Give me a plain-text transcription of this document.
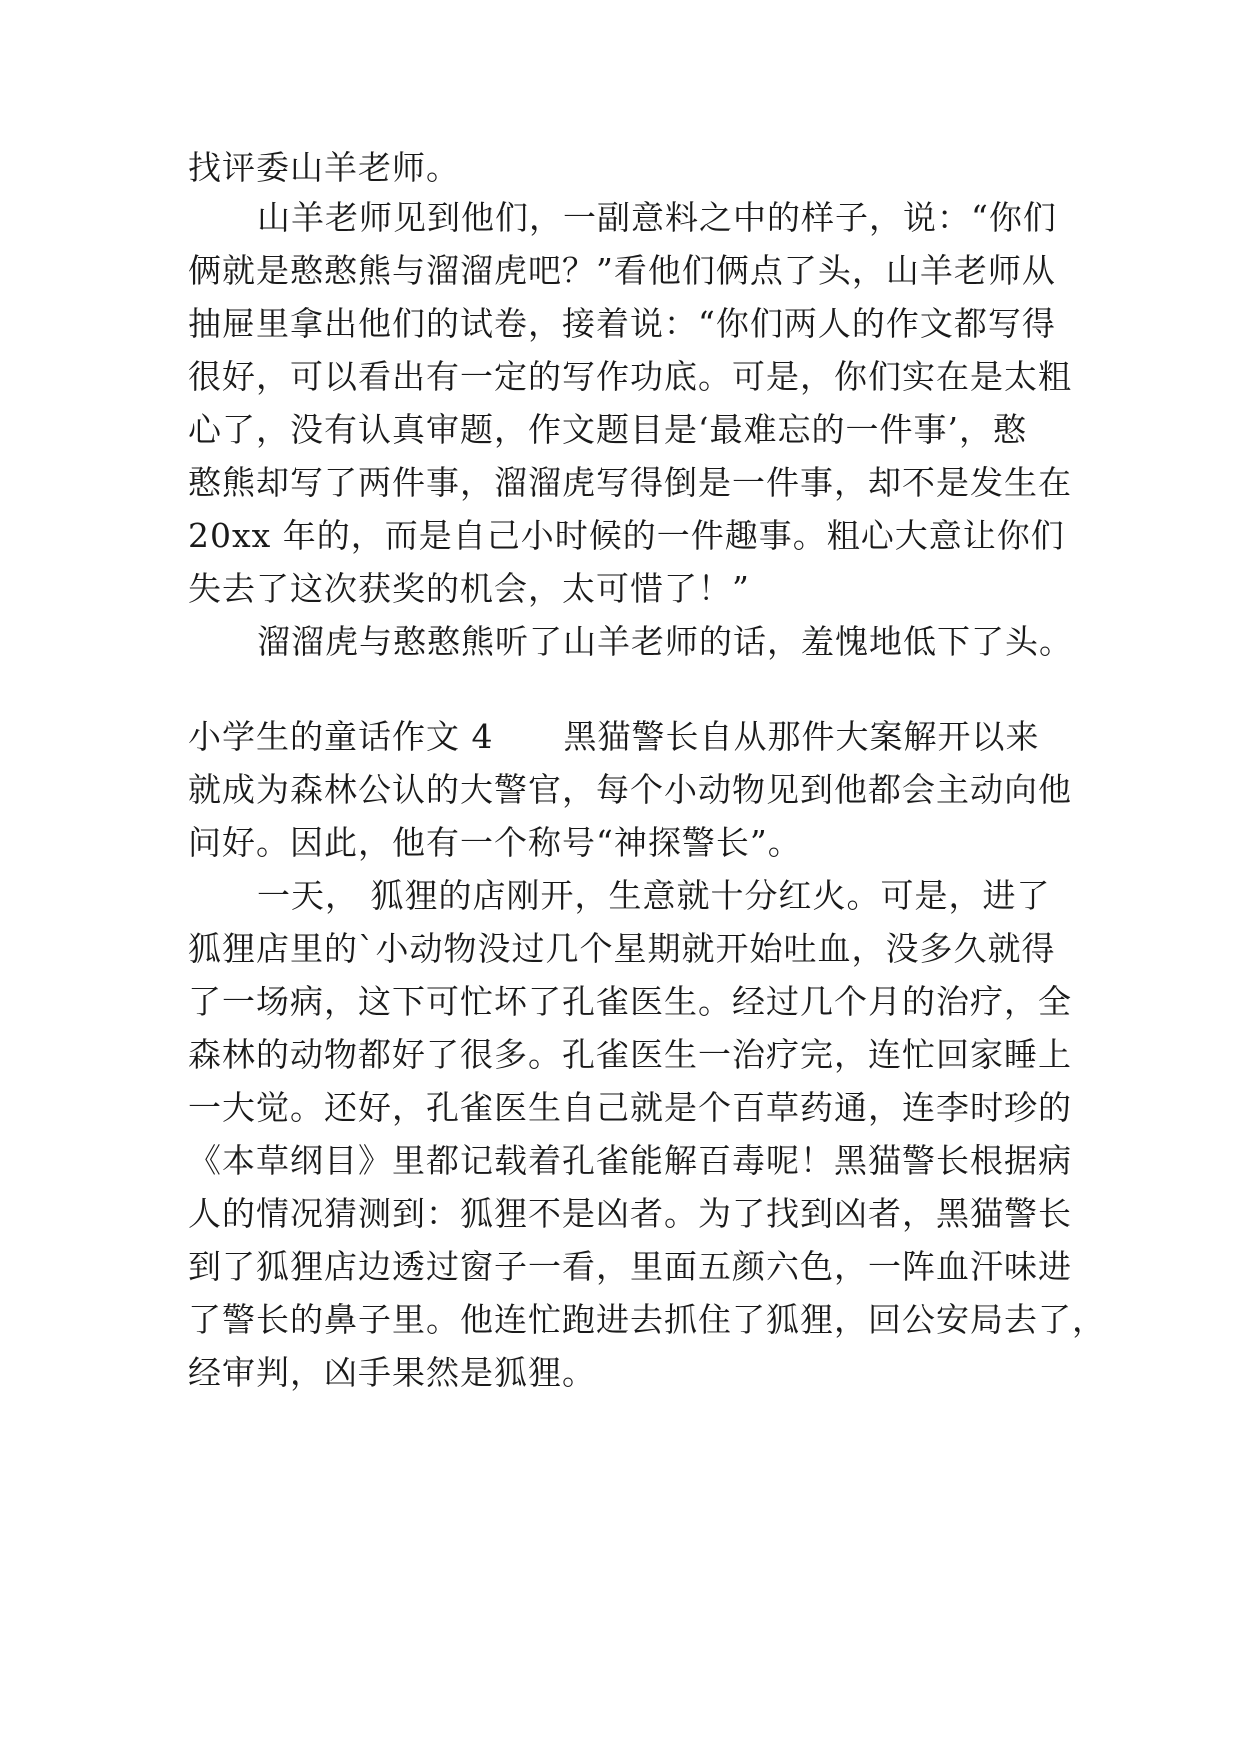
找评委山羊老师。
山羊老师见到他们，一副意料之中的样子，说：“你们
俩就是憨憨熊与溜溜虎吧？”看他们俩点了头，山羊老师从
抽屉里拿出他们的试卷，接着说：“你们两人的作文都写得
很好，可以看出有一定的写作功底。可是，你们实在是太粗
心了，没有认真审题，作文题目是‘最难忘的一件事’，憨
憨熊却写了两件事，溜溜虎写得倒是一件事，却不是发生在
20xx 年的，而是自己小时候的一件趣事。粗心大意让你们
失去了这次获奖的机会，太可惜了！”
溜溜虎与憨憨熊听了山羊老师的话，羞愧地低下了头。
小学生的童话作文 4 黑猫警长自从那件大案解开以来
就成为森林公认的大警官，每个小动物见到他都会主动向他
问好。因此，他有一个称号“神探警长”。
一天， 狐狸的店刚开，生意就十分红火。可是，进了
狐狸店里的`小动物没过几个星期就开始吐血，没多久就得
了一场病，这下可忙坏了孔雀医生。经过几个月的治疗，全
森林的动物都好了很多。孔雀医生一治疗完，连忙回家睡上
一大觉。还好，孔雀医生自己就是个百草药通，连李时珍的
《本草纲目》里都记载着孔雀能解百毒呢！黑猫警长根据病
人的情况猜测到：狐狸不是凶者。为了找到凶者，黑猫警长
到了狐狸店边透过窗子一看，里面五颜六色，一阵血汗味进
了警长的鼻子里。他连忙跑进去抓住了狐狸，回公安局去了，
经审判，凶手果然是狐狸。
